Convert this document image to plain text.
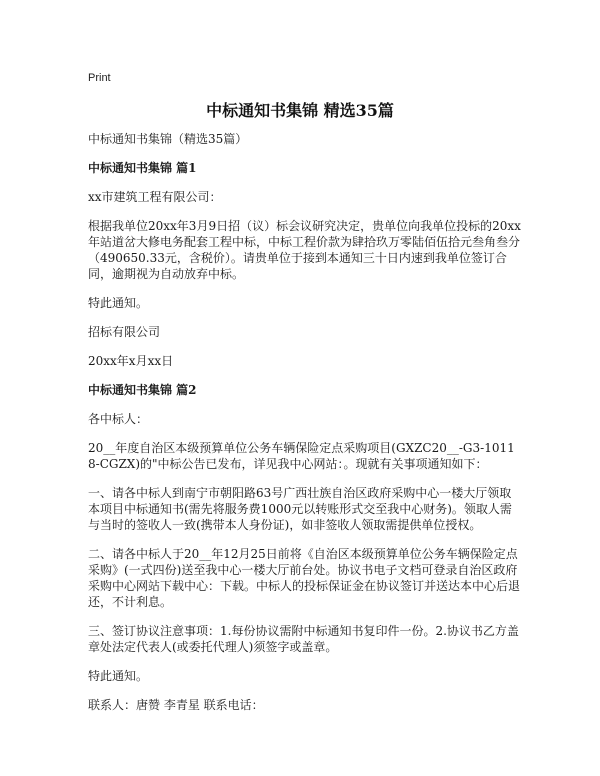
Print
中标通知书集锦 精选35篇

中标通知书集锦（精选35篇）

中标通知书集锦 篇1

xx市建筑工程有限公司：

根据我单位20xx年3月9日招（议）标会议研究决定，贵单位向我单位投标的20xx年站道岔大修电务配套工程中标，中标工程价款为肆拾玖万零陆佰伍拾元叁角叁分（490650.33元，含税价）。请贵单位于接到本通知三十日内速到我单位签订合同，逾期视为自动放弃中标。

特此通知。

招标有限公司

20xx年x月xx日

中标通知书集锦 篇2

各中标人：

20__年度自治区本级预算单位公务车辆保险定点采购项目(GXZC20__-G3-10118-CGZX)的"中标公告已发布，详见我中心网站：。现就有关事项通知如下：

一、请各中标人到南宁市朝阳路63号广西壮族自治区政府采购中心一楼大厅领取本项目中标通知书(需先将服务费1000元以转账形式交至我中心财务)。领取人需与当时的签收人一致(携带本人身份证)，如非签收人领取需提供单位授权。

二、请各中标人于20__年12月25日前将《自治区本级预算单位公务车辆保险定点采购》(一式四份)送至我中心一楼大厅前台处。协议书电子文档可登录自治区政府采购中心网站下载中心：下载。中标人的投标保证金在协议签订并送达本中心后退还，不计利息。

三、签订协议注意事项：1.每份协议需附中标通知书复印件一份。2.协议书乙方盖章处法定代表人(或委托代理人)须签字或盖章。

特此通知。

联系人：唐赞 李青星 联系电话：
